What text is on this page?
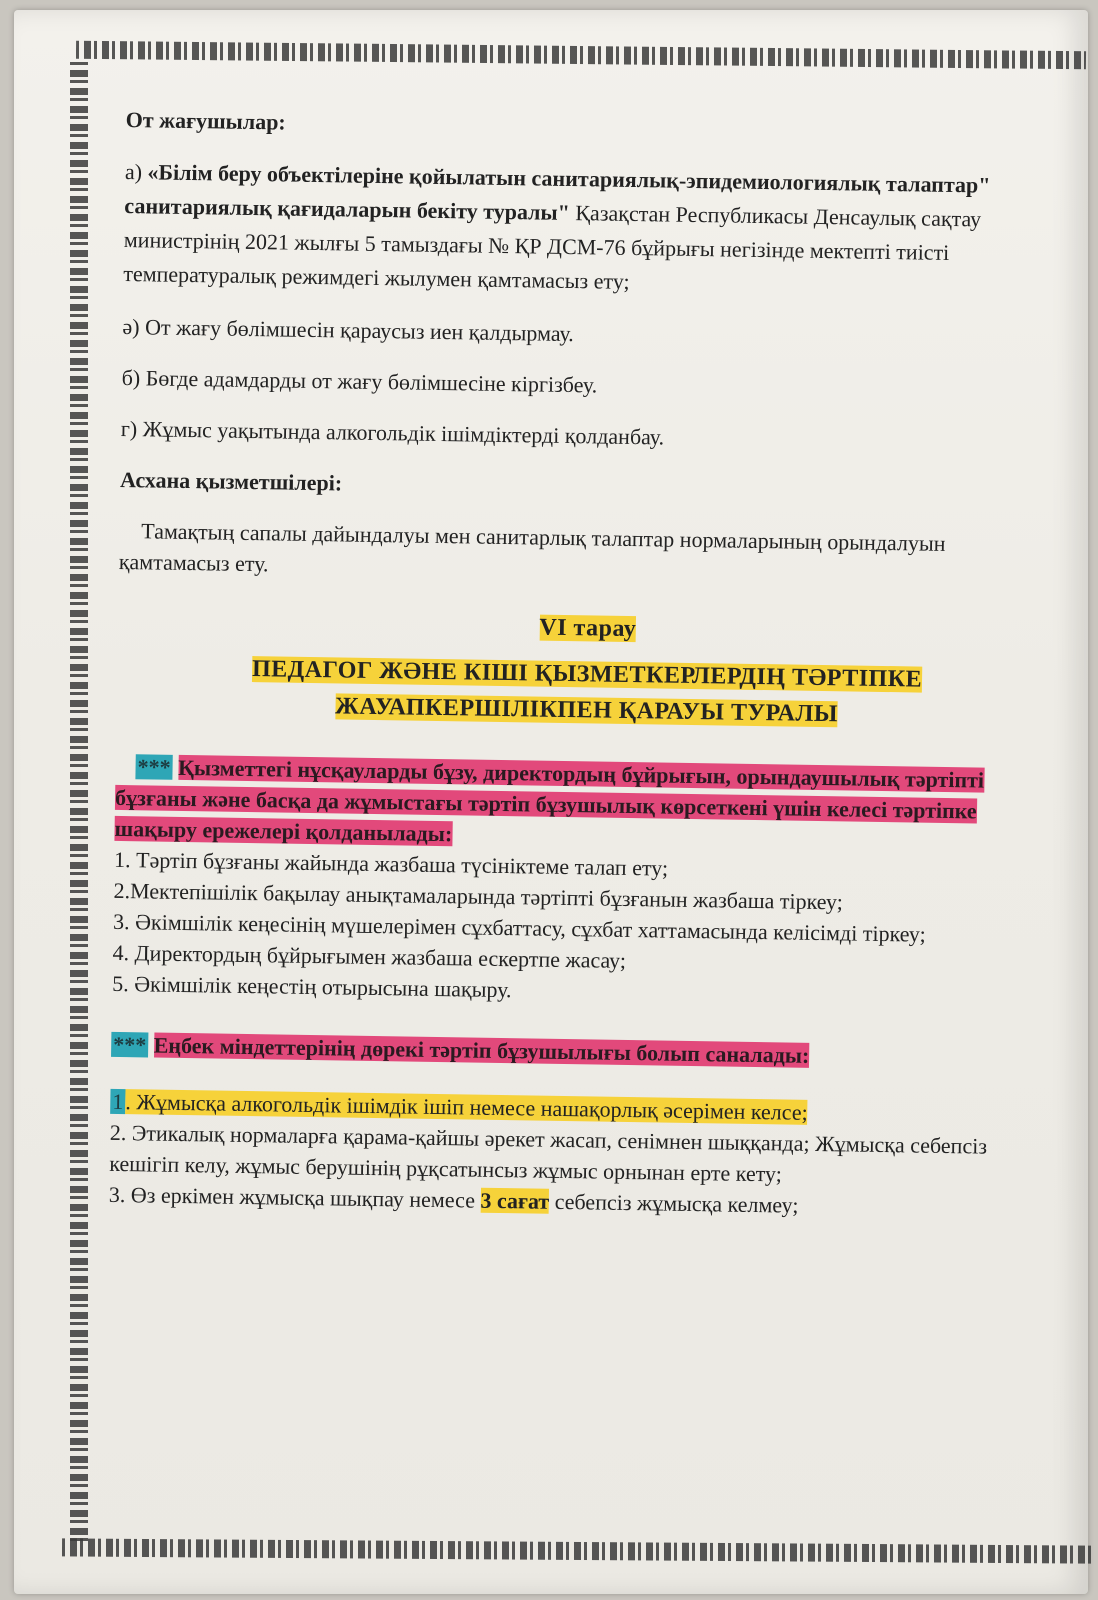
От жағушылар:

а) «Білім беру объектілеріне қойылатын санитариялық-эпидемиологиялық талаптар" санитариялық қағидаларын бекіту туралы" Қазақстан Республикасы Денсаулық сақтау министрінің 2021 жылғы 5 тамыздағы № ҚР ДСМ-76 бұйрығы негізінде мектепті тиісті температуралық режимдегі жылумен қамтамасыз ету;

ә) От жағу бөлімшесін қараусыз иен қалдырмау.

б) Бөгде адамдарды от жағу бөлімшесіне кіргізбеу.

г) Жұмыс уақытында алкогольдік ішімдіктерді қолданбау.

Асхана қызметшілері:

Тамақтың сапалы дайындалуы мен санитарлық талаптар нормаларының орындалуын қамтамасыз ету.

VI тарау

ПЕДАГОГ ЖӘНЕ КІШІ ҚЫЗМЕТКЕРЛЕРДІҢ ТӘРТІПКЕ
ЖАУАПКЕРШІЛІКПЕН ҚАРАУЫ ТУРАЛЫ

*** Қызметтегі нұсқауларды бұзу, директордың бұйрығын, орындаушылық тәртіпті бұзғаны және басқа да жұмыстағы тәртіп бұзушылық көрсеткені үшін келесі тәртіпке шақыру ережелері қолданылады:

1. Тәртіп бұзғаны жайында жазбаша түсініктеме талап ету;
2.Мектепішілік бақылау анықтамаларында тәртіпті бұзғанын жазбаша тіркеу;
3. Әкімшілік кеңесінің мүшелерімен сұхбаттасу, сұхбат хаттамасында келісімді тіркеу;
4. Директордың бұйрығымен жазбаша ескертпе жасау;
5. Әкімшілік кеңестің отырысына шақыру.

*** Еңбек міндеттерінің дөрекі тәртіп бұзушылығы болып саналады:

1. Жұмысқа алкогольдік ішімдік ішіп немесе нашақорлық әсерімен келсе;

2. Этикалық нормаларға қарама-қайшы әрекет жасап, сенімнен шыққанда; Жұмысқа себепсіз кешігіп келу, жұмыс берушінің рұқсатынсыз жұмыс орнынан ерте кету;

3. Өз еркімен жұмысқа шықпау немесе 3 сағат себепсіз жұмысқа келмеу;
